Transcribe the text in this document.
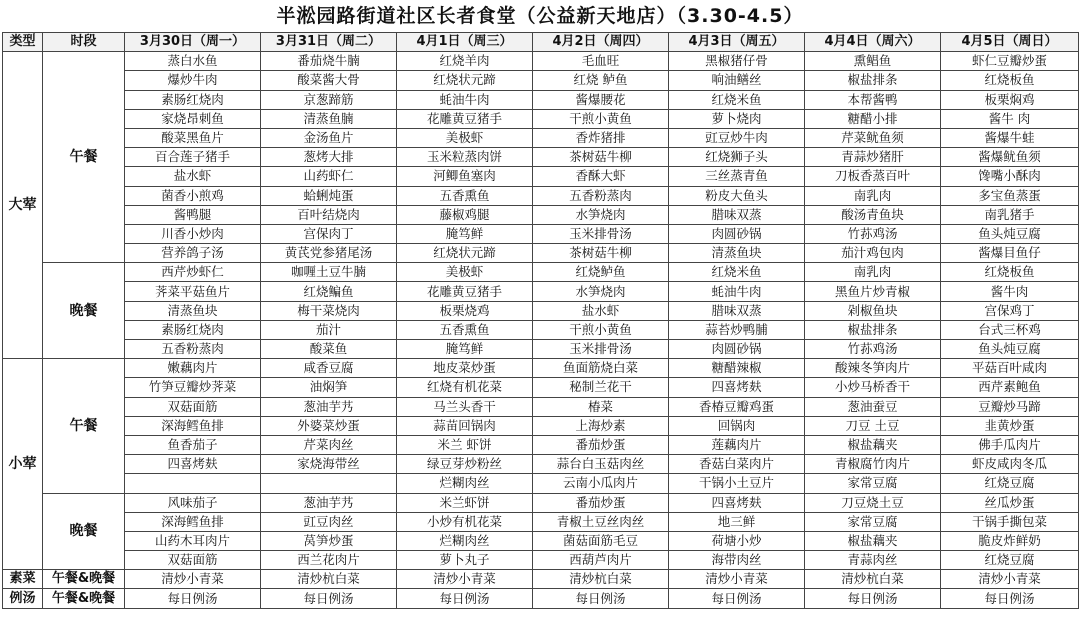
半淞园路街道社区长者食堂（公益新天地店）（3.30-4.5）
类型	时段	3月30日（周一）	3月31日（周二）	4月1日（周三）	4月2日（周四）	4月3日（周五）	4月4日（周六）	4月5日（周日）
大荤	午餐	蒸白水鱼	番茄烧牛腩	红烧羊肉	毛血旺	黑椒猪仔骨	熏鲳鱼	虾仁豆瓣炒蛋
		爆炒牛肉	酸菜酱大骨	红烧状元蹄	红烧 鲈鱼	响油鳝丝	椒盐排条	红烧板鱼
		素肠红烧肉	京葱蹄筋	蚝油牛肉	酱爆腰花	红烧米鱼	本帮酱鸭	板栗焖鸡
		家烧昂刺鱼	清蒸鱼腩	花雕黄豆猪手	干煎小黄鱼	萝卜烧肉	糖醋小排	酱牛 肉
		酸菜黑鱼片	金汤鱼片	美极虾	香炸猪排	豇豆炒牛肉	芹菜鱿鱼须	酱爆牛蛙
		百合莲子猪手	葱烤大排	玉米粒蒸肉饼	茶树菇牛柳	红烧狮子头	青蒜炒猪肝	酱爆鱿鱼须
		盐水虾	山药虾仁	河鲫鱼塞肉	香酥大虾	三丝蒸青鱼	刀板香蒸百叶	馋嘴小酥肉
		菌香小煎鸡	蛤蜊炖蛋	五香熏鱼	五香粉蒸肉	粉皮大鱼头	南乳肉	多宝鱼蒸蛋
		酱鸭腿	百叶结烧肉	藤椒鸡腿	水笋烧肉	腊味双蒸	酸汤青鱼块	南乳猪手
		川香小炒肉	宫保肉丁	腌笃鲜	玉米排骨汤	肉圆砂锅	竹荪鸡汤	鱼头炖豆腐
		营养鸽子汤	黄芪党参猪尾汤	红烧状元蹄	茶树菇牛柳	清蒸鱼块	茄汁鸡包肉	酱爆目鱼仔
	晚餐	西芹炒虾仁	咖喱土豆牛腩	美极虾	红烧鲈鱼	红烧米鱼	南乳肉	红烧板鱼
		荠菜平菇鱼片	红烧鳊鱼	花雕黄豆猪手	水笋烧肉	蚝油牛肉	黑鱼片炒青椒	酱牛肉
		清蒸鱼块	梅干菜烧肉	板栗烧鸡	盐水虾	腊味双蒸	剁椒鱼块	宫保鸡丁
		素肠红烧肉	茄汁	五香熏鱼	干煎小黄鱼	蒜苔炒鸭脯	椒盐排条	台式三杯鸡
		五香粉蒸肉	酸菜鱼	腌笃鲜	玉米排骨汤	肉圆砂锅	竹荪鸡汤	鱼头炖豆腐
小荤	午餐	嫩藕肉片	咸香豆腐	地皮菜炒蛋	鱼面筋烧白菜	糖醋辣椒	酸辣冬笋肉片	平菇百叶咸肉
		竹笋豆瓣炒荠菜	油焖笋	红烧有机花菜	秘制兰花干	四喜烤麸	小炒马桥香干	西芹素鲍鱼
		双菇面筋	葱油芋艿	马兰头香干	椿菜	香椿豆瓣鸡蛋	葱油蚕豆	豆瓣炒马蹄
		深海鳕鱼排	外婆菜炒蛋	蒜苗回锅肉	上海炒素	回锅肉	刀豆 土豆	韭黄炒蛋
		鱼香茄子	芹菜肉丝	米兰 虾饼	番茄炒蛋	莲藕肉片	椒盐藕夹	佛手瓜肉片
		四喜烤麸	家烧海带丝	绿豆芽炒粉丝	蒜台白玉菇肉丝	香菇白菜肉片	青椒腐竹肉片	虾皮咸肉冬瓜
				烂糊肉丝	云南小瓜肉片	干锅小土豆片	家常豆腐	红烧豆腐
	晚餐	风味茄子	葱油芋艿	米兰虾饼	番茄炒蛋	四喜烤麸	刀豆烧土豆	丝瓜炒蛋
		深海鳕鱼排	豇豆肉丝	小炒有机花菜	青椒土豆丝肉丝	地三鲜	家常豆腐	干锅手撕包菜
		山药木耳肉片	莴笋炒蛋	烂糊肉丝	菌菇面筋毛豆	荷塘小炒	椒盐藕夹	脆皮炸鲜奶
		双菇面筋	西兰花肉片	萝卜丸子	西葫芦肉片	海带肉丝	青蒜肉丝	红烧豆腐
素菜	午餐&晚餐	清炒小青菜	清炒杭白菜	清炒小青菜	清炒杭白菜	清炒小青菜	清炒杭白菜	清炒小青菜
例汤	午餐&晚餐	每日例汤	每日例汤	每日例汤	每日例汤	每日例汤	每日例汤	每日例汤
